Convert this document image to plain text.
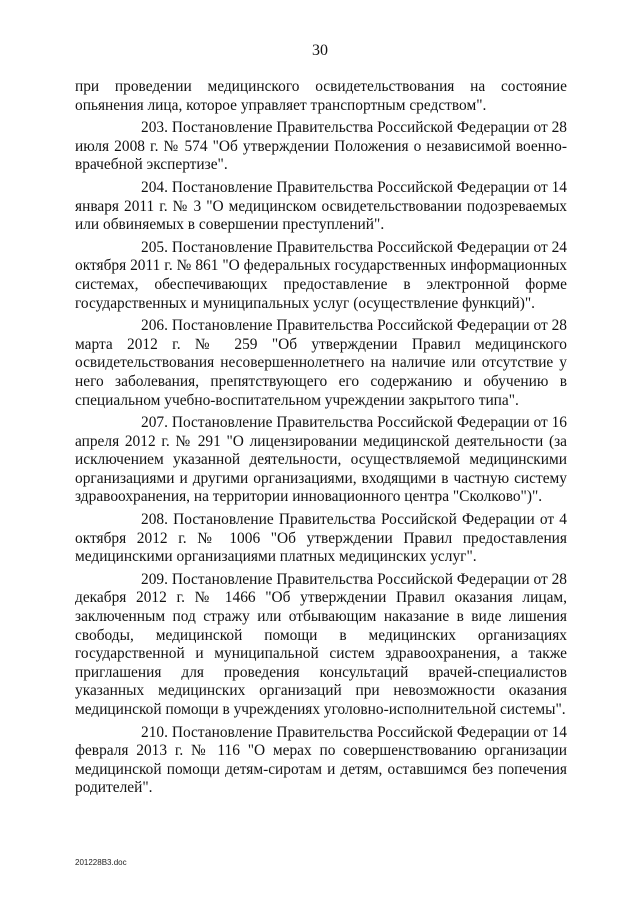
30

при проведении медицинского освидетельствования на состояние опьянения лица, которое управляет транспортным средством".

203. Постановление Правительства Российской Федерации от 28 июля 2008 г. № 574 "Об утверждении Положения о независимой военно-врачебной экспертизе".

204. Постановление Правительства Российской Федерации от 14 января 2011 г. № 3 "О медицинском освидетельствовании подозреваемых или обвиняемых в совершении преступлений".

205. Постановление Правительства Российской Федерации от 24 октября 2011 г. № 861 "О федеральных государственных информационных системах, обеспечивающих предоставление в электронной форме государственных и муниципальных услуг (осуществление функций)".

206. Постановление Правительства Российской Федерации от 28 марта 2012 г. № 259 "Об утверждении Правил медицинского освидетельствования несовершеннолетнего на наличие или отсутствие у него заболевания, препятствующего его содержанию и обучению в специальном учебно-воспитательном учреждении закрытого типа".

207. Постановление Правительства Российской Федерации от 16 апреля 2012 г. № 291 "О лицензировании медицинской деятельности (за исключением указанной деятельности, осуществляемой медицинскими организациями и другими организациями, входящими в частную систему здравоохранения, на территории инновационного центра "Сколково")".

208. Постановление Правительства Российской Федерации от 4 октября 2012 г. № 1006 "Об утверждении Правил предоставления медицинскими организациями платных медицинских услуг".

209. Постановление Правительства Российской Федерации от 28 декабря 2012 г. № 1466 "Об утверждении Правил оказания лицам, заключенным под стражу или отбывающим наказание в виде лишения свободы, медицинской помощи в медицинских организациях государственной и муниципальной систем здравоохранения, а также приглашения для проведения консультаций врачей-специалистов указанных медицинских организаций при невозможности оказания медицинской помощи в учреждениях уголовно-исполнительной системы".

210. Постановление Правительства Российской Федерации от 14 февраля 2013 г. № 116 "О мерах по совершенствованию организации медицинской помощи детям-сиротам и детям, оставшимся без попечения родителей".

201228В3.doc
